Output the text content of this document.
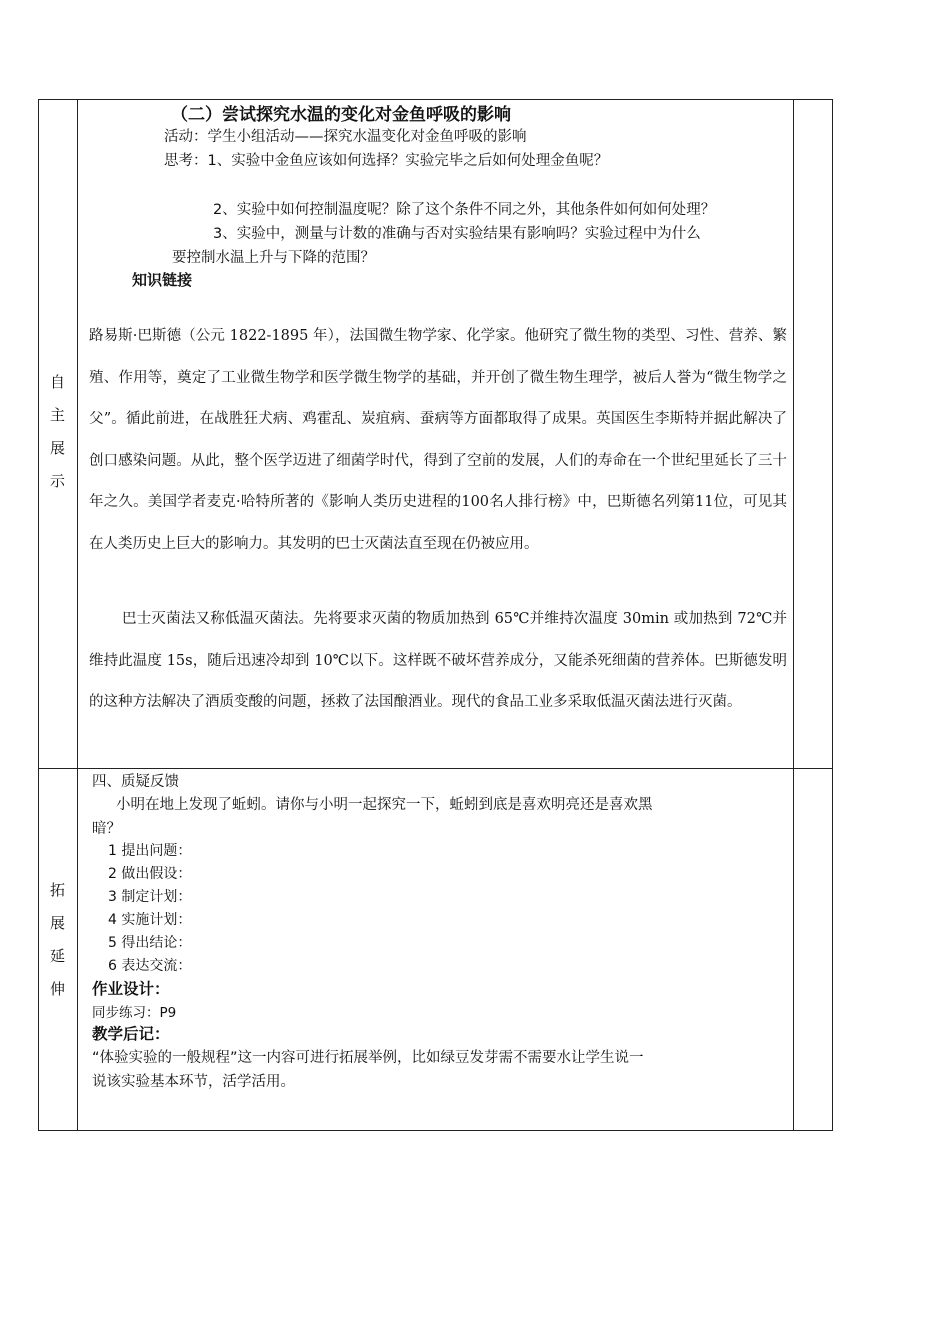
自
主
展
示
拓
展
延
伸
（二）尝试探究水温的变化对金鱼呼吸的影响
活动：学生小组活动——探究水温变化对金鱼呼吸的影响
思考：1、实验中金鱼应该如何选择？实验完毕之后如何处理金鱼呢？
2、实验中如何控制温度呢？除了这个条件不同之外，其他条件如何如何处理？
3、实验中，测量与计数的准确与否对实验结果有影响吗？实验过程中为什么
要控制水温上升与下降的范围？
知识链接
路易斯·巴斯德（公元 1822-1895 年），法国微生物学家、化学家。他研究了微生物的类型、习性、营养、繁殖、作用等，奠定了工业微生物学和医学微生物学的基础，并开创了微生物生理学，被后人誉为“微生物学之父”。循此前进，在战胜狂犬病、鸡霍乱、炭疽病、蚕病等方面都取得了成果。英国医生李斯特并据此解决了创口感染问题。从此，整个医学迈进了细菌学时代，得到了空前的发展，人们的寿命在一个世纪里延长了三十年之久。美国学者麦克·哈特所著的《影响人类历史进程的100名人排行榜》中，巴斯德名列第11位，可见其在人类历史上巨大的影响力。其发明的巴士灭菌法直至现在仍被应用。
巴士灭菌法又称低温灭菌法。先将要求灭菌的物质加热到 65℃并维持次温度 30min 或加热到 72℃并维持此温度 15s，随后迅速冷却到 10℃以下。这样既不破坏营养成分，又能杀死细菌的营养体。巴斯德发明的这种方法解决了酒质变酸的问题，拯救了法国酿酒业。现代的食品工业多采取低温灭菌法进行灭菌。
四、质疑反馈
小明在地上发现了蚯蚓。请你与小明一起探究一下，蚯蚓到底是喜欢明亮还是喜欢黑
暗？
1 提出问题：
2 做出假设：
3 制定计划：
4 实施计划：
5 得出结论：
6 表达交流：
作业设计：
同步练习：P9
教学后记：
“体验实验的一般规程”这一内容可进行拓展举例，比如绿豆发芽需不需要水让学生说一
说该实验基本环节，活学活用。
